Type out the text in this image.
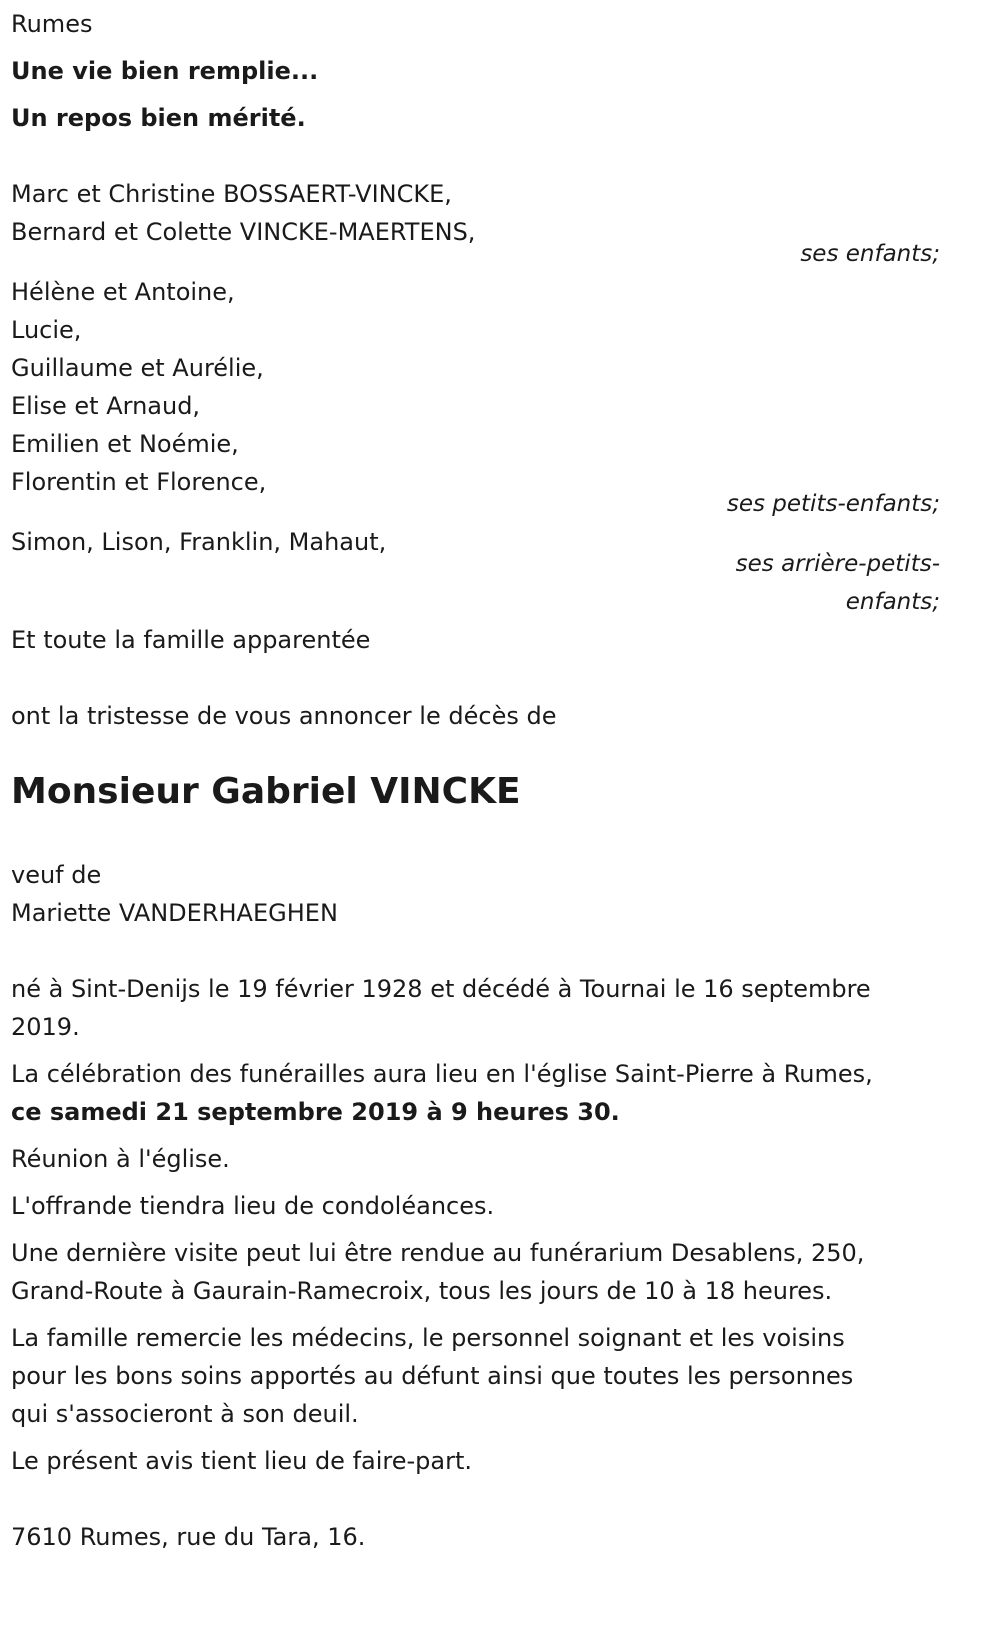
Rumes
Une vie bien remplie...
Un repos bien mérité.
Marc et Christine BOSSAERT-VINCKE,
Bernard et Colette VINCKE-MAERTENS,
ses enfants;
Hélène et Antoine,
Lucie,
Guillaume et Aurélie,
Elise et Arnaud,
Emilien et Noémie,
Florentin et Florence,
ses petits-enfants;
Simon, Lison, Franklin, Mahaut,
ses arrière-petits-
enfants;
Et toute la famille apparentée
ont la tristesse de vous annoncer le décès de
Monsieur Gabriel VINCKE
veuf de
Mariette VANDERHAEGHEN
né à Sint-Denijs le 19 février 1928 et décédé à Tournai le 16 septembre
2019.
La célébration des funérailles aura lieu en l'église Saint-Pierre à Rumes,
ce samedi 21 septembre 2019 à 9 heures 30.
Réunion à l'église.
L'offrande tiendra lieu de condoléances.
Une dernière visite peut lui être rendue au funérarium Desablens, 250,
Grand-Route à Gaurain-Ramecroix, tous les jours de 10 à 18 heures.
La famille remercie les médecins, le personnel soignant et les voisins
pour les bons soins apportés au défunt ainsi que toutes les personnes
qui s'associeront à son deuil.
Le présent avis tient lieu de faire-part.
7610 Rumes, rue du Tara, 16.
